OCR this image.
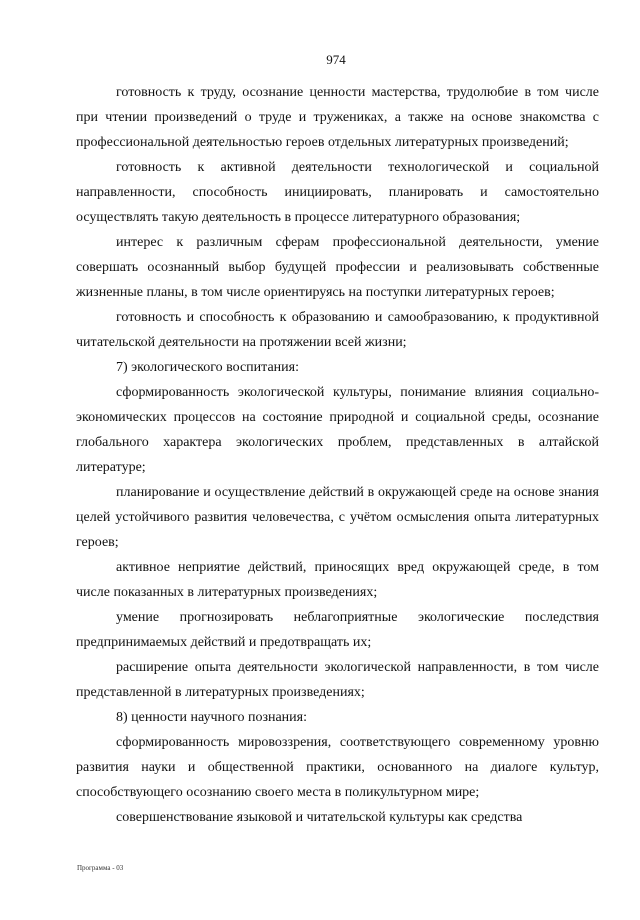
974

готовность к труду, осознание ценности мастерства, трудолюбие в том числе при чтении произведений о труде и тружениках, а также на основе знакомства с профессиональной деятельностью героев отдельных литературных произведений;

готовность к активной деятельности технологической и социальной направленности, способность инициировать, планировать и самостоятельно осуществлять такую деятельность в процессе литературного образования;

интерес к различным сферам профессиональной деятельности, умение совершать осознанный выбор будущей профессии и реализовывать собственные жизненные планы, в том числе ориентируясь на поступки литературных героев;

готовность и способность к образованию и самообразованию, к продуктивной читательской деятельности на протяжении всей жизни;

7) экологического воспитания:

сформированность экологической культуры, понимание влияния социально-экономических процессов на состояние природной и социальной среды, осознание глобального характера экологических проблем, представленных в алтайской литературе;

планирование и осуществление действий в окружающей среде на основе знания целей устойчивого развития человечества, с учётом осмысления опыта литературных героев;

активное неприятие действий, приносящих вред окружающей среде, в том числе показанных в литературных произведениях;

умение прогнозировать неблагоприятные экологические последствия предпринимаемых действий и предотвращать их;

расширение опыта деятельности экологической направленности, в том числе представленной в литературных произведениях;

8) ценности научного познания:

сформированность мировоззрения, соответствующего современному уровню развития науки и общественной практики, основанного на диалоге культур, способствующего осознанию своего места в поликультурном мире;

совершенствование языковой и читательской культуры как средства

Программа - 03
